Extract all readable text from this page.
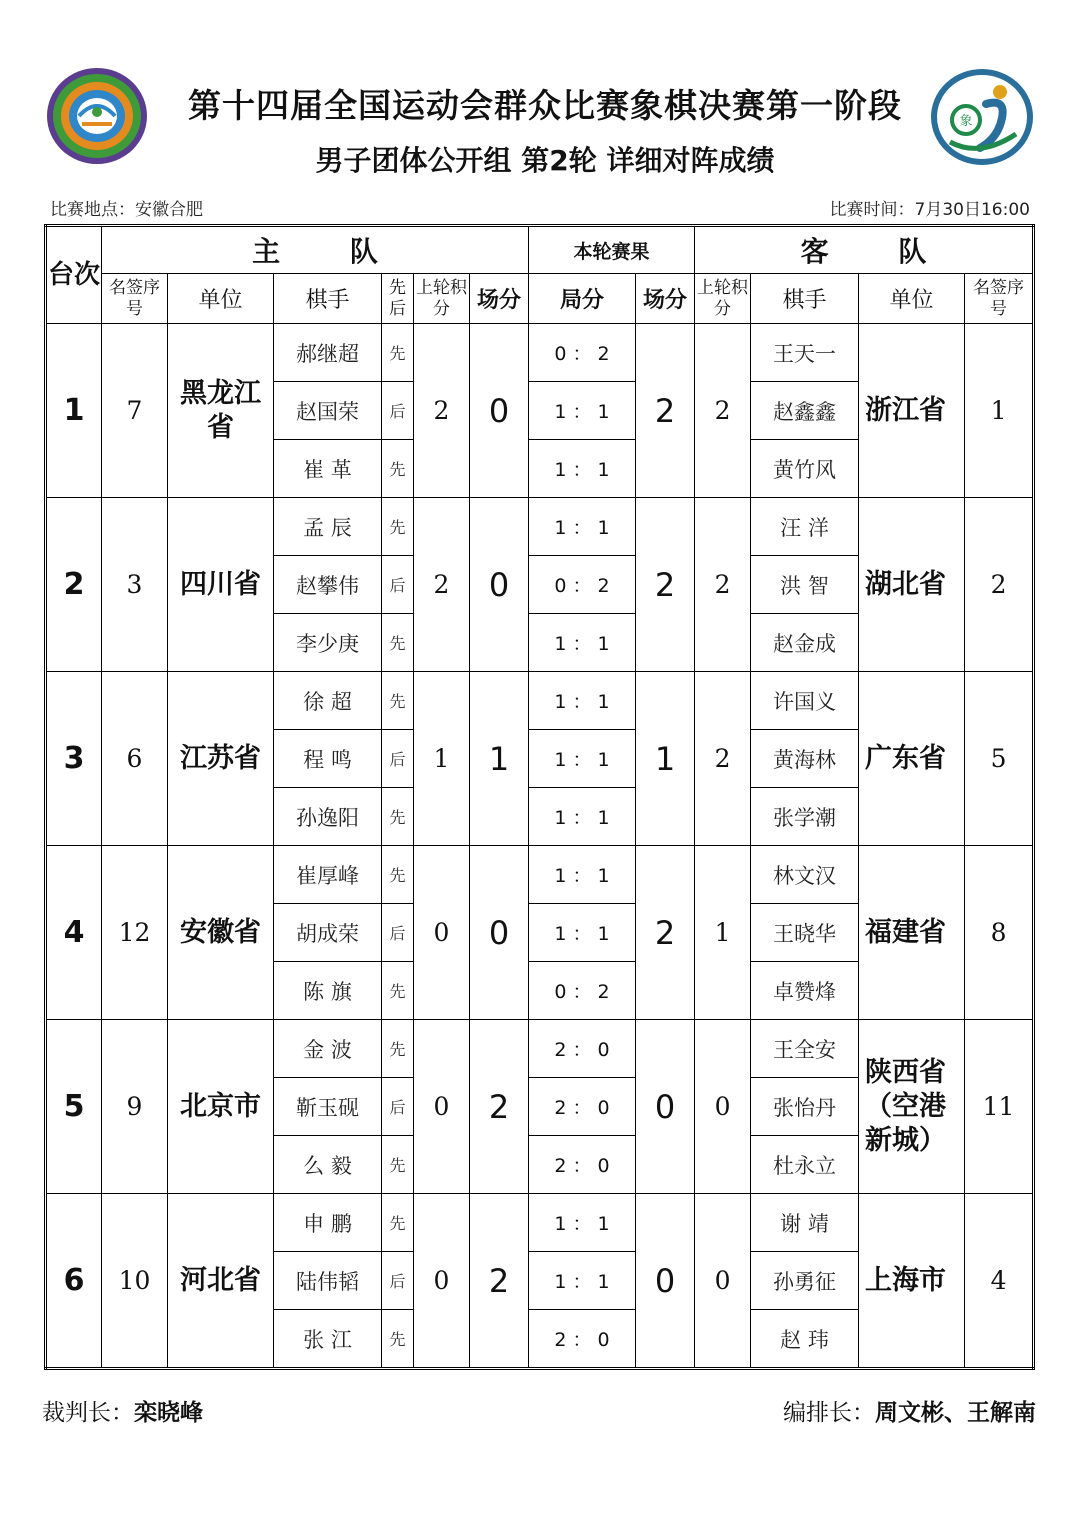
象
第十四届全国运动会群众比赛象棋决赛第一阶段
男子团体公开组 第2轮 详细对阵成绩
比赛地点：安徽合肥	比赛时间：7月30日16:00
台次	主 队						本轮赛果		客 队			
	名签序号	单位	棋手	先后	上轮积分	场分	局分	场分	上轮积分	棋手	单位	名签序号
1	7	黑龙江省	郝继超	先	2	0	0 ： 2	2	2	王天一	浙江省	1
			赵国荣	后			1 ： 1			赵鑫鑫		
			崔 革	先			1 ： 1			黄竹风		
2	3	四川省	孟 辰	先	2	0	1 ： 1	2	2	汪 洋	湖北省	2
			赵攀伟	后			0 ： 2			洪 智		
			李少庚	先			1 ： 1			赵金成		
3	6	江苏省	徐 超	先	1	1	1 ： 1	1	2	许国义	广东省	5
			程 鸣	后			1 ： 1			黄海林		
			孙逸阳	先			1 ： 1			张学潮		
4	12	安徽省	崔厚峰	先	0	0	1 ： 1	2	1	林文汉	福建省	8
			胡成荣	后			1 ： 1			王晓华		
			陈 旗	先			0 ： 2			卓赞烽		
5	9	北京市	金 波	先	0	2	2 ： 0	0	0	王全安	陕西省（空港新城）	11
			靳玉砚	后			2 ： 0			张怡丹		
			么 毅	先			2 ： 0			杜永立		
6	10	河北省	申 鹏	先	0	2	1 ： 1	0	0	谢 靖	上海市	4
			陆伟韬	后			1 ： 1			孙勇征		
			张 江	先			2 ： 0			赵 玮		
裁判长：栾晓峰	编排长：周文彬、王解南
